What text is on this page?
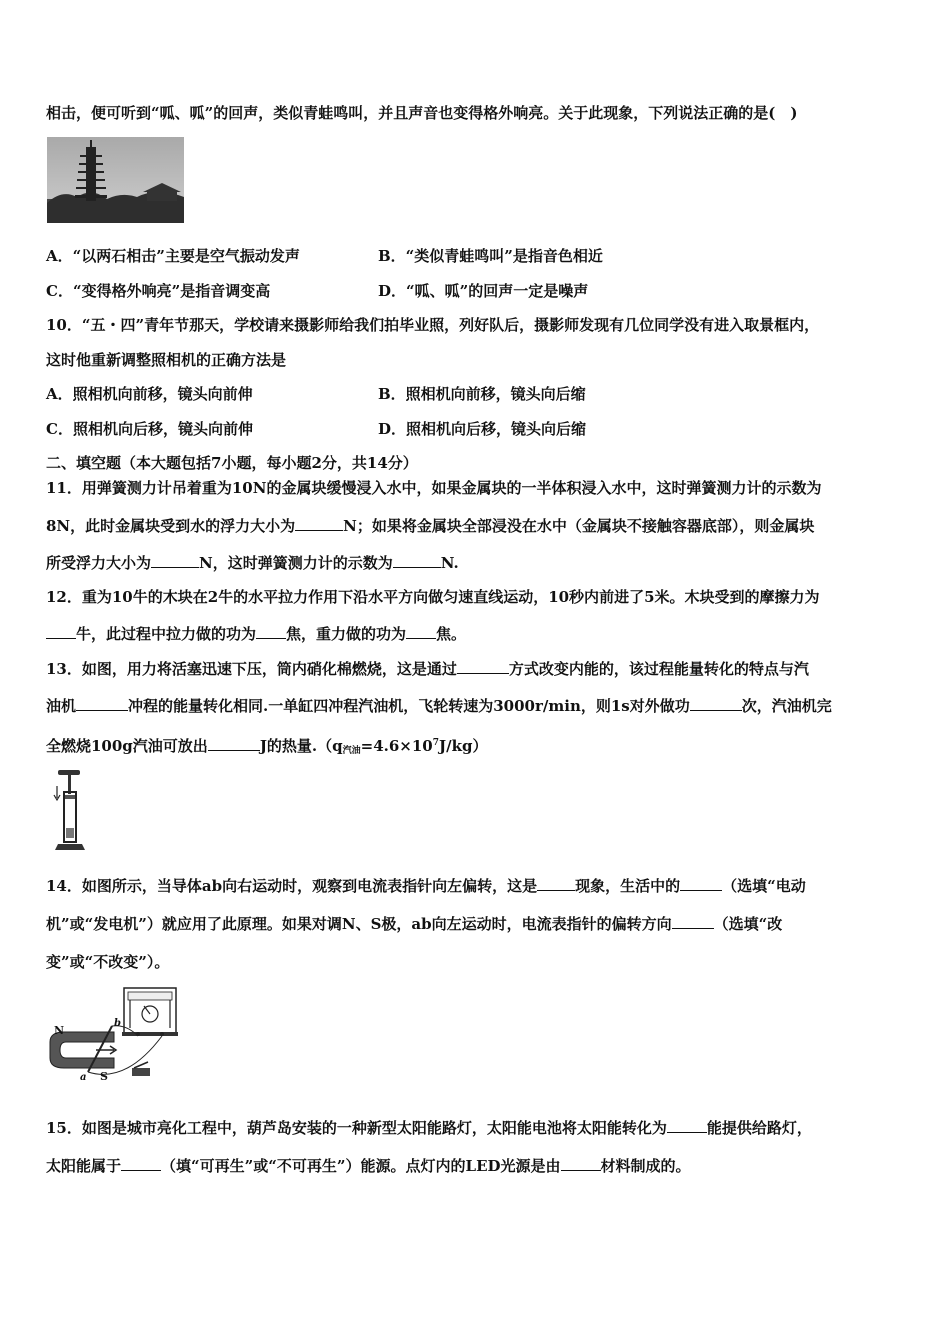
相击，便可听到“呱、呱”的回声，类似青蛙鸣叫，并且声音也变得格外响亮。关于此现象，下列说法正确的是(　)
A．“以两石相击”主要是空气振动发声	B．“类似青蛙鸣叫”是指音色相近
C．“变得格外响亮”是指音调变高	D．“呱、呱”的回声一定是噪声
10．“五・四”青年节那天，学校请来摄影师给我们拍毕业照，列好队后，摄影师发现有几位同学没有进入取景框内，
这时他重新调整照相机的正确方法是
A．照相机向前移，镜头向前伸	B．照相机向前移，镜头向后缩
C．照相机向后移，镜头向前伸	D．照相机向后移，镜头向后缩
二、填空题（本大题包括7小题，每小题2分，共14分）
11．用弹簧测力计吊着重为10N的金属块缓慢浸入水中，如果金属块的一半体积浸入水中，这时弹簧测力计的示数为
8N，此时金属块受到水的浮力大小为	N；如果将金属块全部浸没在水中（金属块不接触容器底部），则金属块
所受浮力大小为	N，这时弹簧测力计的示数为	N.
12．重为10牛的木块在2牛的水平拉力作用下沿水平方向做匀速直线运动，10秒内前进了5米。木块受到的摩擦力为
牛，此过程中拉力做的功为 焦，重力做的功为 焦。
13．如图，用力将活塞迅速下压，筒内硝化棉燃烧，这是通过	方式改变内能的，该过程能量转化的特点与汽
油机	冲程的能量转化相同.一单缸四冲程汽油机，飞轮转速为3000r/min，则1s对外做功	次，汽油机完
全燃烧100g汽油可放出	J的热量$.(q_{汽油}=4.6\times 10^7J/kg)$
14．如图所示，当导体ab向右运动时，观察到电流表指针向左偏转，这是	现象，生活中的	（选填“电动
机”或“发电机”）就应用了此原理。如果对调N、S极，ab向左运动时，电流表指针的偏转方向	（选填“改
变”或“不改变”）。
N
S
a
b
15．如图是城市亮化工程中，葫芦岛安装的一种新型太阳能路灯，太阳能电池将太阳能转化为	能提供给路灯，
太阳能属于	（填“可再生”或“不可再生”）能源。点灯内的LED光源是由	材料制成的。
